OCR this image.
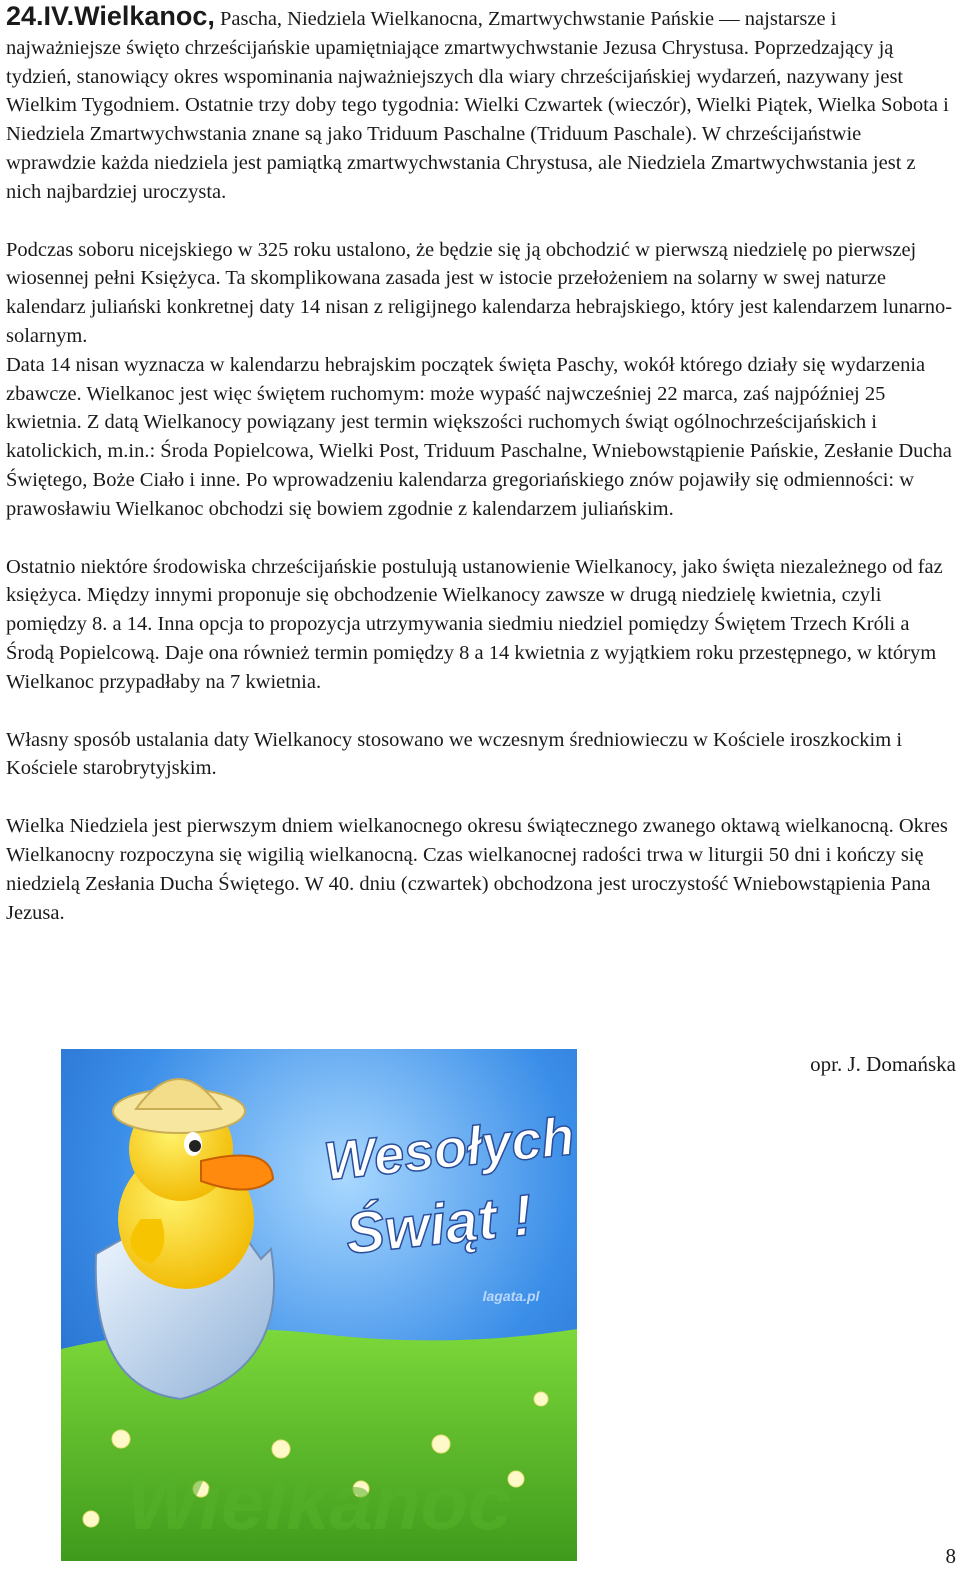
24.IV.Wielkanoc, Pascha, Niedziela Wielkanocna, Zmartwychwstanie Pańskie — najstarsze i najważniejsze święto chrześcijańskie upamiętniające zmartwychwstanie Jezusa Chrystusa. Poprzedzający ją tydzień, stanowiący okres wspominania najważniejszych dla wiary chrześcijańskiej wydarzeń, nazywany jest Wielkim Tygodniem. Ostatnie trzy doby tego tygodnia: Wielki Czwartek (wieczór), Wielki Piątek, Wielka Sobota i Niedziela Zmartwychwstania znane są jako Triduum Paschalne (Triduum Paschale). W chrześcijaństwie wprawdzie każda niedziela jest pamiątką zmartwychwstania Chrystusa, ale Niedziela Zmartwychwstania jest z nich najbardziej uroczysta.

Podczas soboru nicejskiego w 325 roku ustalono, że będzie się ją obchodzić w pierwszą niedzielę po pierwszej wiosennej pełni Księżyca. Ta skomplikowana zasada jest w istocie przełożeniem na solarny w swej naturze kalendarz juliański konkretnej daty 14 nisan z religijnego kalendarza hebrajskiego, który jest kalendarzem lunarno-solarnym.

Data 14 nisan wyznacza w kalendarzu hebrajskim początek święta Paschy, wokół którego działy się wydarzenia zbawcze. Wielkanoc jest więc świętem ruchomym: może wypaść najwcześniej 22 marca, zaś najpóźniej 25 kwietnia. Z datą Wielkanocy powiązany jest termin większości ruchomych świąt ogólnochrześcijańskich i katolickich, m.in.: Środa Popielcowa, Wielki Post, Triduum Paschalne, Wniebowstąpienie Pańskie, Zesłanie Ducha Świętego, Boże Ciało i inne. Po wprowadzeniu kalendarza gregoriańskiego znów pojawiły się odmienności: w prawosławiu Wielkanoc obchodzi się bowiem zgodnie z kalendarzem juliańskim.

Ostatnio niektóre środowiska chrześcijańskie postulują ustanowienie Wielkanocy, jako święta niezależnego od faz księżyca. Między innymi proponuje się obchodzenie Wielkanocy zawsze w drugą niedzielę kwietnia, czyli pomiędzy 8. a 14. Inna opcja to propozycja utrzymywania siedmiu niedziel pomiędzy Świętem Trzech Króli a Środą Popielcową. Daje ona również termin pomiędzy 8 a 14 kwietnia z wyjątkiem roku przestępnego, w którym Wielkanoc przypadłaby na 7 kwietnia.

Własny sposób ustalania daty Wielkanocy stosowano we wczesnym średniowieczu w Kościele iroszkockim i Kościele starobrytyjskim.

Wielka Niedziela jest pierwszym dniem wielkanocnego okresu świątecznego zwanego oktawą wielkanocną. Okres Wielkanocny rozpoczyna się wigilią wielkanocną. Czas wielkanocnej radości trwa w liturgii 50 dni i kończy się niedzielą Zesłania Ducha Świętego. W 40. dniu (czwartek) obchodzona jest uroczystość Wniebowstąpienia Pana Jezusa.

Wesołych
Świąt !
lagata.pl
Wielkanoc
opr. J. Domańska
8
